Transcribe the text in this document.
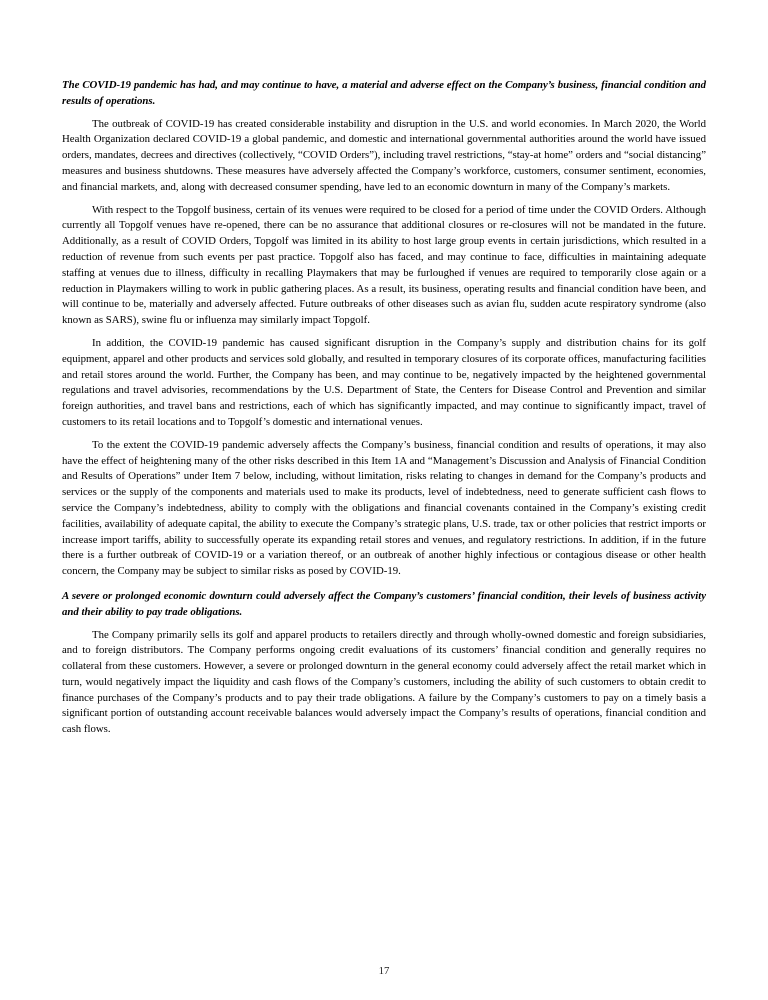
The COVID-19 pandemic has had, and may continue to have, a material and adverse effect on the Company’s business, financial condition and results of operations.

The outbreak of COVID-19 has created considerable instability and disruption in the U.S. and world economies. In March 2020, the World Health Organization declared COVID-19 a global pandemic, and domestic and international governmental authorities around the world have issued orders, mandates, decrees and directives (collectively, “COVID Orders”), including travel restrictions, “stay-at home” orders and “social distancing” measures and business shutdowns. These measures have adversely affected the Company’s workforce, customers, consumer sentiment, economies, and financial markets, and, along with decreased consumer spending, have led to an economic downturn in many of the Company’s markets.

With respect to the Topgolf business, certain of its venues were required to be closed for a period of time under the COVID Orders. Although currently all Topgolf venues have re-opened, there can be no assurance that additional closures or re-closures will not be mandated in the future. Additionally, as a result of COVID Orders, Topgolf was limited in its ability to host large group events in certain jurisdictions, which resulted in a reduction of revenue from such events per past practice. Topgolf also has faced, and may continue to face, difficulties in maintaining adequate staffing at venues due to illness, difficulty in recalling Playmakers that may be furloughed if venues are required to temporarily close again or a reduction in Playmakers willing to work in public gathering places. As a result, its business, operating results and financial condition have been, and will continue to be, materially and adversely affected. Future outbreaks of other diseases such as avian flu, sudden acute respiratory syndrome (also known as SARS), swine flu or influenza may similarly impact Topgolf.

In addition, the COVID-19 pandemic has caused significant disruption in the Company’s supply and distribution chains for its golf equipment, apparel and other products and services sold globally, and resulted in temporary closures of its corporate offices, manufacturing facilities and retail stores around the world. Further, the Company has been, and may continue to be, negatively impacted by the heightened governmental regulations and travel advisories, recommendations by the U.S. Department of State, the Centers for Disease Control and Prevention and similar foreign authorities, and travel bans and restrictions, each of which has significantly impacted, and may continue to significantly impact, travel of customers to its retail locations and to Topgolf’s domestic and international venues.

To the extent the COVID-19 pandemic adversely affects the Company’s business, financial condition and results of operations, it may also have the effect of heightening many of the other risks described in this Item 1A and “Management’s Discussion and Analysis of Financial Condition and Results of Operations” under Item 7 below, including, without limitation, risks relating to changes in demand for the Company’s products and services or the supply of the components and materials used to make its products, level of indebtedness, need to generate sufficient cash flows to service the Company’s indebtedness, ability to comply with the obligations and financial covenants contained in the Company’s existing credit facilities, availability of adequate capital, the ability to execute the Company’s strategic plans, U.S. trade, tax or other policies that restrict imports or increase import tariffs, ability to successfully operate its expanding retail stores and venues, and regulatory restrictions. In addition, if in the future there is a further outbreak of COVID-19 or a variation thereof, or an outbreak of another highly infectious or contagious disease or other health concern, the Company may be subject to similar risks as posed by COVID-19.

A severe or prolonged economic downturn could adversely affect the Company’s customers’ financial condition, their levels of business activity and their ability to pay trade obligations.

The Company primarily sells its golf and apparel products to retailers directly and through wholly-owned domestic and foreign subsidiaries, and to foreign distributors. The Company performs ongoing credit evaluations of its customers’ financial condition and generally requires no collateral from these customers. However, a severe or prolonged downturn in the general economy could adversely affect the retail market which in turn, would negatively impact the liquidity and cash flows of the Company’s customers, including the ability of such customers to obtain credit to finance purchases of the Company’s products and to pay their trade obligations. A failure by the Company’s customers to pay on a timely basis a significant portion of outstanding account receivable balances would adversely impact the Company’s results of operations, financial condition and cash flows.

17
